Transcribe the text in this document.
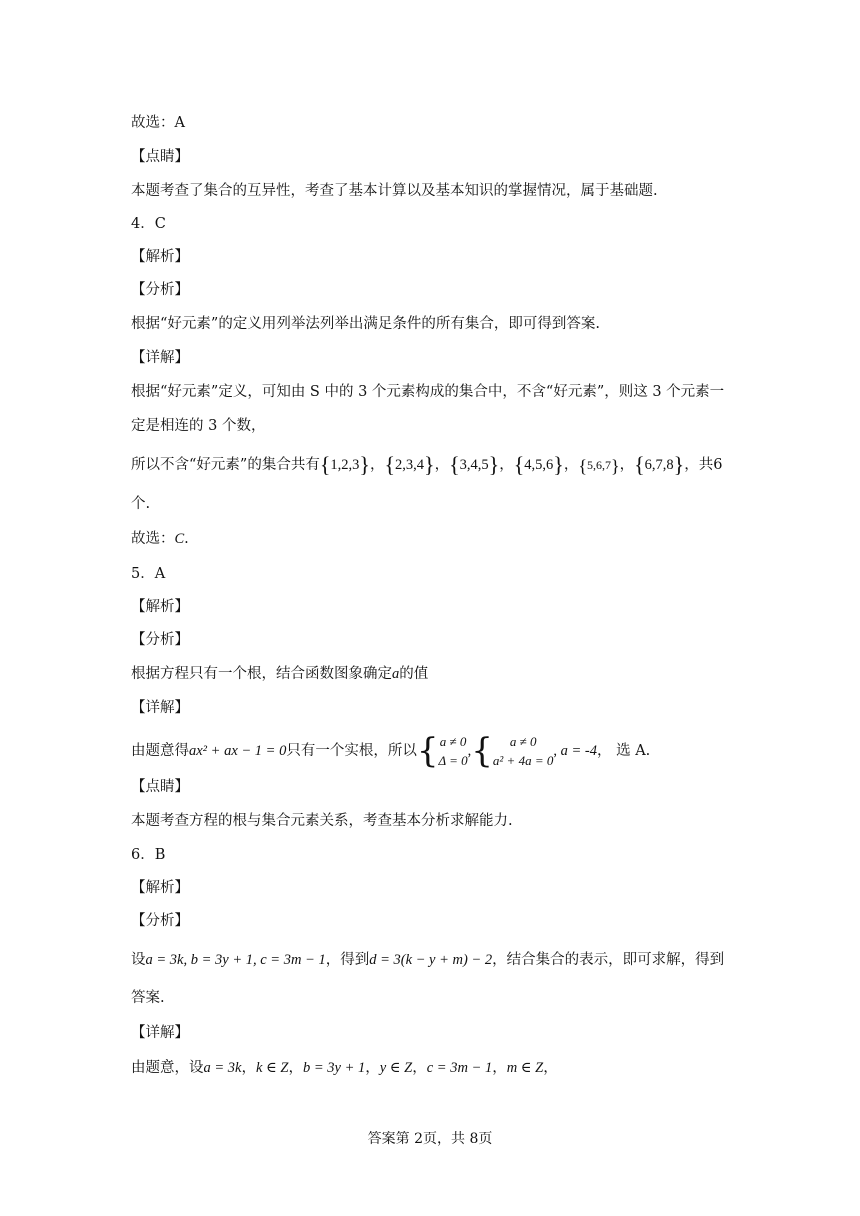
故选：A
【点睛】
本题考查了集合的互异性，考查了基本计算以及基本知识的掌握情况，属于基础题.
4．C
【解析】
【分析】
根据“好元素”的定义用列举法列举出满足条件的所有集合，即可得到答案.
【详解】
根据“好元素”定义，可知由 S 中的 3 个元素构成的集合中，不含“好元素”，则这 3 个元素一
定是相连的 3 个数，
所以不含“好元素”的集合共有{1,2,3}，{2,3,4}，{3,4,5}，{4,5,6}，{5,6,7}，{6,7,8}，共6
个.
故选：C.
5．A
【解析】
【分析】
根据方程只有一个根，结合函数图象确定a的值
【详解】
由题意得ax² + ax − 1 = 0只有一个实根，所以{ a ≠ 0
Δ = 0
,{	a ≠ 0
a² + 4a = 0
, a = -4， 选 A.
【点睛】
本题考查方程的根与集合元素关系，考查基本分析求解能力.
6．B
【解析】
【分析】
设a = 3k, b = 3y + 1, c = 3m − 1，得到d = 3(k − y + m) − 2，结合集合的表示，即可求解，得到
答案.
【详解】
由题意，设a = 3k，k ∈ Z，b = 3y + 1，y ∈ Z，c = 3m − 1，m ∈ Z，
答案第 2页，共 8页
